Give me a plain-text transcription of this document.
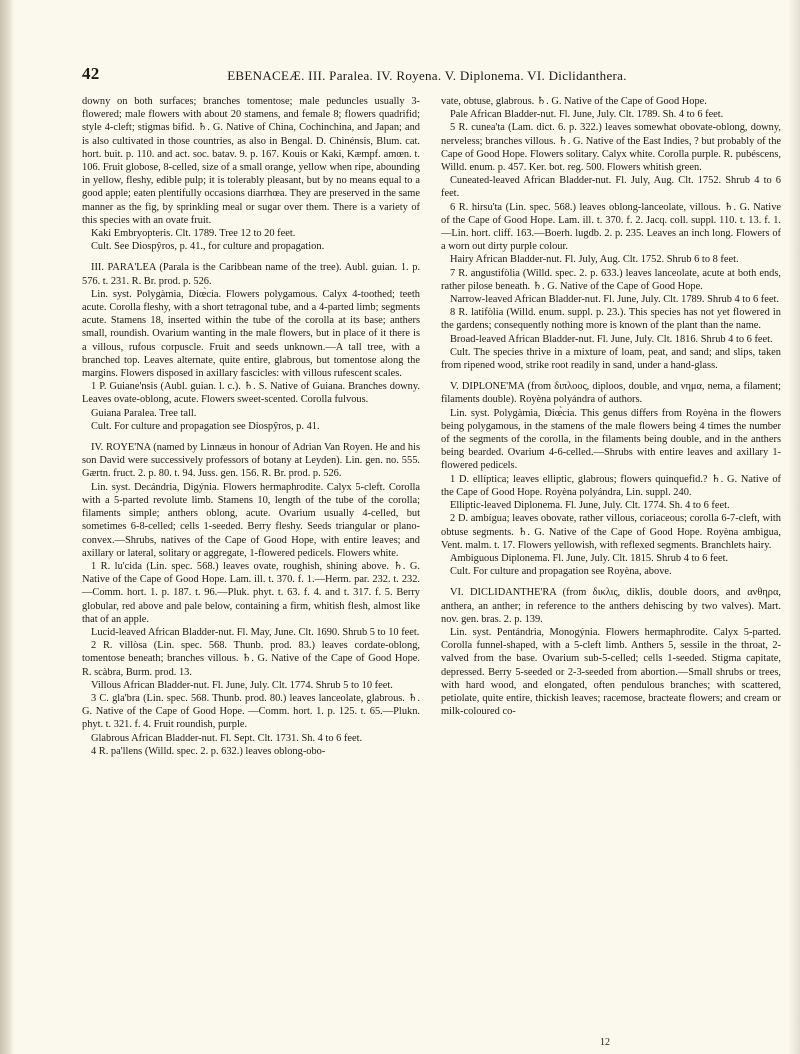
42	EBENACEÆ. III. Paralea. IV. Royena. V. Diplonema. VI. Diclidanthera.

downy on both surfaces; branches tomentose; male peduncles usually 3-flowered; male flowers with about 20 stamens, and female 8; flowers quadrifid; style 4-cleft; stigmas bifid. ♄. G. Native of China, Cochinchina, and Japan; and is also cultivated in those countries, as also in Bengal. D. Chinénsis, Blum. cat. hort. buit. p. 110. and act. soc. batav. 9. p. 167. Kouis or Kaki, Kæmpf. amœn. t. 106. Fruit globose, 8-celled, size of a small orange, yellow when ripe, abounding in yellow, fleshy, edible pulp; it is tolerably pleasant, but by no means equal to a good apple; eaten plentifully occasions diarrhœa. They are preserved in the same manner as the fig, by sprinkling meal or sugar over them. There is a variety of this species with an ovate fruit.

Kaki Embryopteris. Clt. 1789. Tree 12 to 20 feet.

Cult. See Diospŷros, p. 41., for culture and propagation.

III. PARA'LEA (Parala is the Caribbean name of the tree). Aubl. guian. 1. p. 576. t. 231. R. Br. prod. p. 526.

Lin. syst. Polygàmia, Diœ̀cia. Flowers polygamous. Calyx 4-toothed; teeth acute. Corolla fleshy, with a short tetragonal tube, and a 4-parted limb; segments acute. Stamens 18, inserted within the tube of the corolla at its base; anthers small, roundish. Ovarium wanting in the male flowers, but in place of it there is a villous, rufous corpuscle. Fruit and seeds unknown.—A tall tree, with a branched top. Leaves alternate, quite entire, glabrous, but tomentose along the margins. Flowers disposed in axillary fascicles: with villous rufescent scales.

1 P. Guiane'nsis (Aubl. guian. l. c.). ♄. S. Native of Guiana. Branches downy. Leaves ovate-oblong, acute. Flowers sweet-scented. Corolla fulvous.

Guiana Paralea. Tree tall.

Cult. For culture and propagation see Diospŷros, p. 41.

IV. ROYE'NA (named by Linnæus in honour of Adrian Van Royen. He and his son David were successively professors of botany at Leyden). Lin. gen. no. 555. Gærtn. fruct. 2. p. 80. t. 94. Juss. gen. 156. R. Br. prod. p. 526.

Lin. syst. Decándria, Digýnia. Flowers hermaphrodite. Calyx 5-cleft. Corolla with a 5-parted revolute limb. Stamens 10, length of the tube of the corolla; filaments simple; anthers oblong, acute. Ovarium usually 4-celled, but sometimes 6-8-celled; cells 1-seeded. Berry fleshy. Seeds triangular or plano-convex.—Shrubs, natives of the Cape of Good Hope, with entire leaves; and axillary or lateral, solitary or aggregate, 1-flowered pedicels. Flowers white.

1 R. lu'cida (Lin. spec. 568.) leaves ovate, roughish, shining above. ♄. G. Native of the Cape of Good Hope. Lam. ill. t. 370. f. 1.—Herm. par. 232. t. 232.—Comm. hort. 1. p. 187. t. 96.—Pluk. phyt. t. 63. f. 4. and t. 317. f. 5. Berry globular, red above and pale below, containing a firm, whitish flesh, almost like that of an apple.

Lucid-leaved African Bladder-nut. Fl. May, June. Clt. 1690. Shrub 5 to 10 feet.

2 R. villòsa (Lin. spec. 568. Thunb. prod. 83.) leaves cordate-oblong, tomentose beneath; branches villous. ♄. G. Native of the Cape of Good Hope. R. scàbra, Burm. prod. 13.

Villous African Bladder-nut. Fl. June, July. Clt. 1774. Shrub 5 to 10 feet.

3 C. gla'bra (Lin. spec. 568. Thunb. prod. 80.) leaves lanceolate, glabrous. ♄. G. Native of the Cape of Good Hope. —Comm. hort. 1. p. 125. t. 65.—Plukn. phyt. t. 321. f. 4. Fruit roundish, purple.

Glabrous African Bladder-nut. Fl. Sept. Clt. 1731. Sh. 4 to 6 feet.

4 R. pa'llens (Willd. spec. 2. p. 632.) leaves oblong-obo-

vate, obtuse, glabrous. ♄. G. Native of the Cape of Good Hope.

Pale African Bladder-nut. Fl. June, July. Clt. 1789. Sh. 4 to 6 feet.

5 R. cunea'ta (Lam. dict. 6. p. 322.) leaves somewhat obovate-oblong, downy, nerveless; branches villous. ♄. G. Native of the East Indies, ? but probably of the Cape of Good Hope. Flowers solitary. Calyx white. Corolla purple. R. pubéscens, Willd. enum. p. 457. Ker. bot. reg. 500. Flowers whitish green.

Cuneated-leaved African Bladder-nut. Fl. July, Aug. Clt. 1752. Shrub 4 to 6 feet.

6 R. hirsu'ta (Lin. spec. 568.) leaves oblong-lanceolate, villous. ♄. G. Native of the Cape of Good Hope. Lam. ill. t. 370. f. 2. Jacq. coll. suppl. 110. t. 13. f. 1.—Lin. hort. cliff. 163.—Boerh. lugdb. 2. p. 235. Leaves an inch long. Flowers of a worn out dirty purple colour.

Hairy African Bladder-nut. Fl. July, Aug. Clt. 1752. Shrub 6 to 8 feet.

7 R. angustifòlia (Willd. spec. 2. p. 633.) leaves lanceolate, acute at both ends, rather pilose beneath. ♄. G. Native of the Cape of Good Hope.

Narrow-leaved African Bladder-nut. Fl. June, July. Clt. 1789. Shrub 4 to 6 feet.

8 R. latifòlia (Willd. enum. suppl. p. 23.). This species has not yet flowered in the gardens; consequently nothing more is known of the plant than the name.

Broad-leaved African Bladder-nut. Fl. June, July. Clt. 1816. Shrub 4 to 6 feet.

Cult. The species thrive in a mixture of loam, peat, and sand; and slips, taken from ripened wood, strike root readily in sand, under a hand-glass.

V. DIPLONE'MA (from διπλοος, diploos, double, and νημα, nema, a filament; filaments double). Royèna polyándra of authors.

Lin. syst. Polygàmia, Diœ̀cia. This genus differs from Royèna in the flowers being polygamous, in the stamens of the male flowers being 4 times the number of the segments of the corolla, in the filaments being double, and in the anthers being bearded. Ovarium 4-6-celled.—Shrubs with entire leaves and axillary 1-flowered pedicels.

1 D. ellíptica; leaves elliptic, glabrous; flowers quinquefid.? ♄. G. Native of the Cape of Good Hope. Royèna polyándra, Lin. suppl. 240.

Elliptic-leaved Diplonema. Fl. June, July. Clt. 1774. Sh. 4 to 6 feet.

2 D. ambígua; leaves obovate, rather villous, coriaceous; corolla 6-7-cleft, with obtuse segments. ♄. G. Native of the Cape of Good Hope. Royèna ambìgua, Vent. malm. t. 17. Flowers yellowish, with reflexed segments. Branchlets hairy.

Ambiguous Diplonema. Fl. June, July. Clt. 1815. Shrub 4 to 6 feet.

Cult. For culture and propagation see Royèna, above.

VI. DICLIDANTHE'RA (from δικλις, diklis, double doors, and ανθηρα, anthera, an anther; in reference to the anthers dehiscing by two valves). Mart. nov. gen. bras. 2. p. 139.

Lin. syst. Pentándria, Monogýnia. Flowers hermaphrodite. Calyx 5-parted. Corolla funnel-shaped, with a 5-cleft limb. Anthers 5, sessile in the throat, 2-valved from the base. Ovarium sub-5-celled; cells 1-seeded. Stigma capitate, depressed. Berry 5-seeded or 2-3-seeded from abortion.—Small shrubs or trees, with hard wood, and elongated, often pendulous branches; with scattered, petiolate, quite entire, thickish leaves; racemose, bracteate flowers; and cream or milk-coloured co-

12
